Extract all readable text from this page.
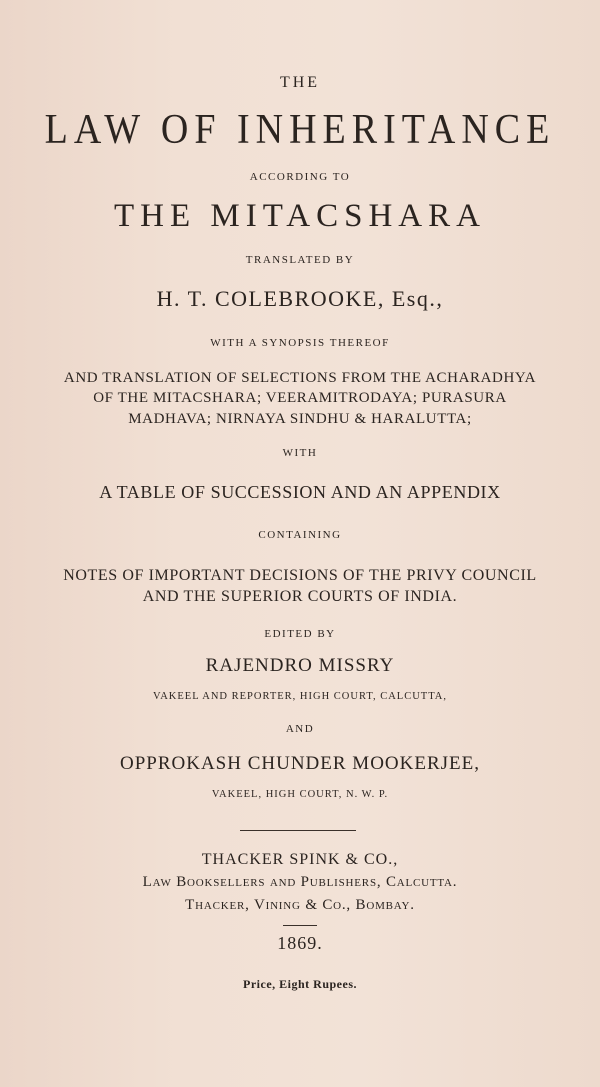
THE
LAW OF INHERITANCE
ACCORDING TO
THE MITACSHARA
TRANSLATED BY
H. T. COLEBROOKE, Esq.,
WITH A SYNOPSIS THEREOF
AND TRANSLATION OF SELECTIONS FROM THE ACHARADHYA
OF THE MITACSHARA; VEERAMITRODAYA; PURASURA
MADHAVA; NIRNAYA SINDHU & HARALUTTA;
WITH
A TABLE OF SUCCESSION AND AN APPENDIX
CONTAINING
NOTES OF IMPORTANT DECISIONS OF THE PRIVY COUNCIL
AND THE SUPERIOR COURTS OF INDIA.
EDITED BY
RAJENDRO MISSRY
VAKEEL AND REPORTER, HIGH COURT, CALCUTTA,
AND
OPPROKASH CHUNDER MOOKERJEE,
VAKEEL, HIGH COURT, N. W. P.
THACKER SPINK & CO.,
Law Booksellers and Publishers, Calcutta.
Thacker, Vining & Co., Bombay.
1869.
Price, Eight Rupees.
